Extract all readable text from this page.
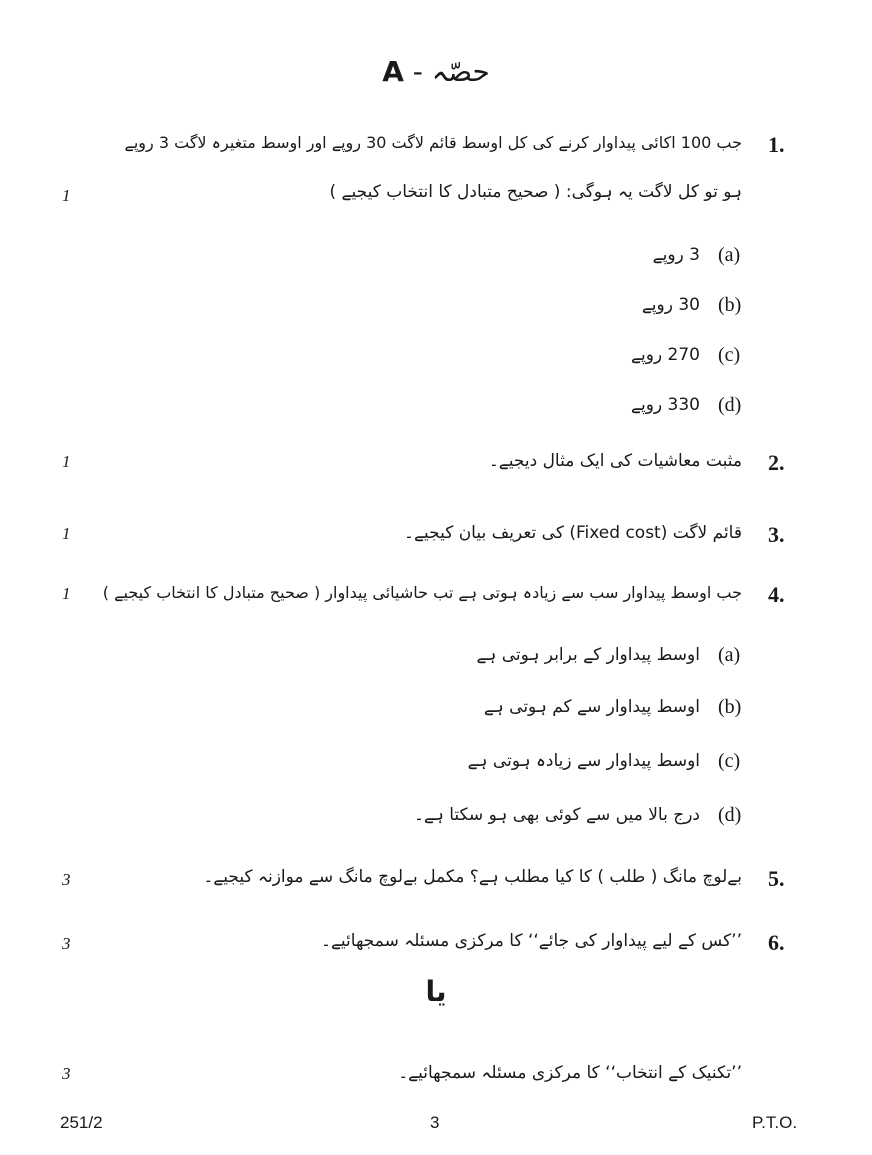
A - حصّہ
1.
جب 100 اکائی پیداوار کرنے کی کل اوسط قائم لاگت 30 روپے اور اوسط متغیرہ لاگت 3 روپے
ہو تو کل لاگت یہ ہوگی: ( صحیح متبادل کا انتخاب کیجیے )
1
(a)
3 روپے
(b)
30 روپے
(c)
270 روپے
(d)
330 روپے
2.
مثبت معاشیات کی ایک مثال دیجیے۔
1
3.
قائم لاگت (Fixed cost) کی تعریف بیان کیجیے۔
1
4.
جب اوسط پیداوار سب سے زیادہ ہوتی ہے تب حاشیائی پیداوار ( صحیح متبادل کا انتخاب کیجیے )
1
(a)
اوسط پیداوار کے برابر ہوتی ہے
(b)
اوسط پیداوار سے کم ہوتی ہے
(c)
اوسط پیداوار سے زیادہ ہوتی ہے
(d)
درج بالا میں سے کوئی بھی ہو سکتا ہے۔
5.
بےلوچ مانگ ( طلب ) کا کیا مطلب ہے؟ مکمل بےلوچ مانگ سے موازنہ کیجیے۔
3
6.
’’کس کے لیے پیداوار کی جائے‘‘ کا مرکزی مسئلہ سمجھائیے۔
3
یا
’’تکنیک کے انتخاب‘‘ کا مرکزی مسئلہ سمجھائیے۔
3
251/2	3	P.T.O.
